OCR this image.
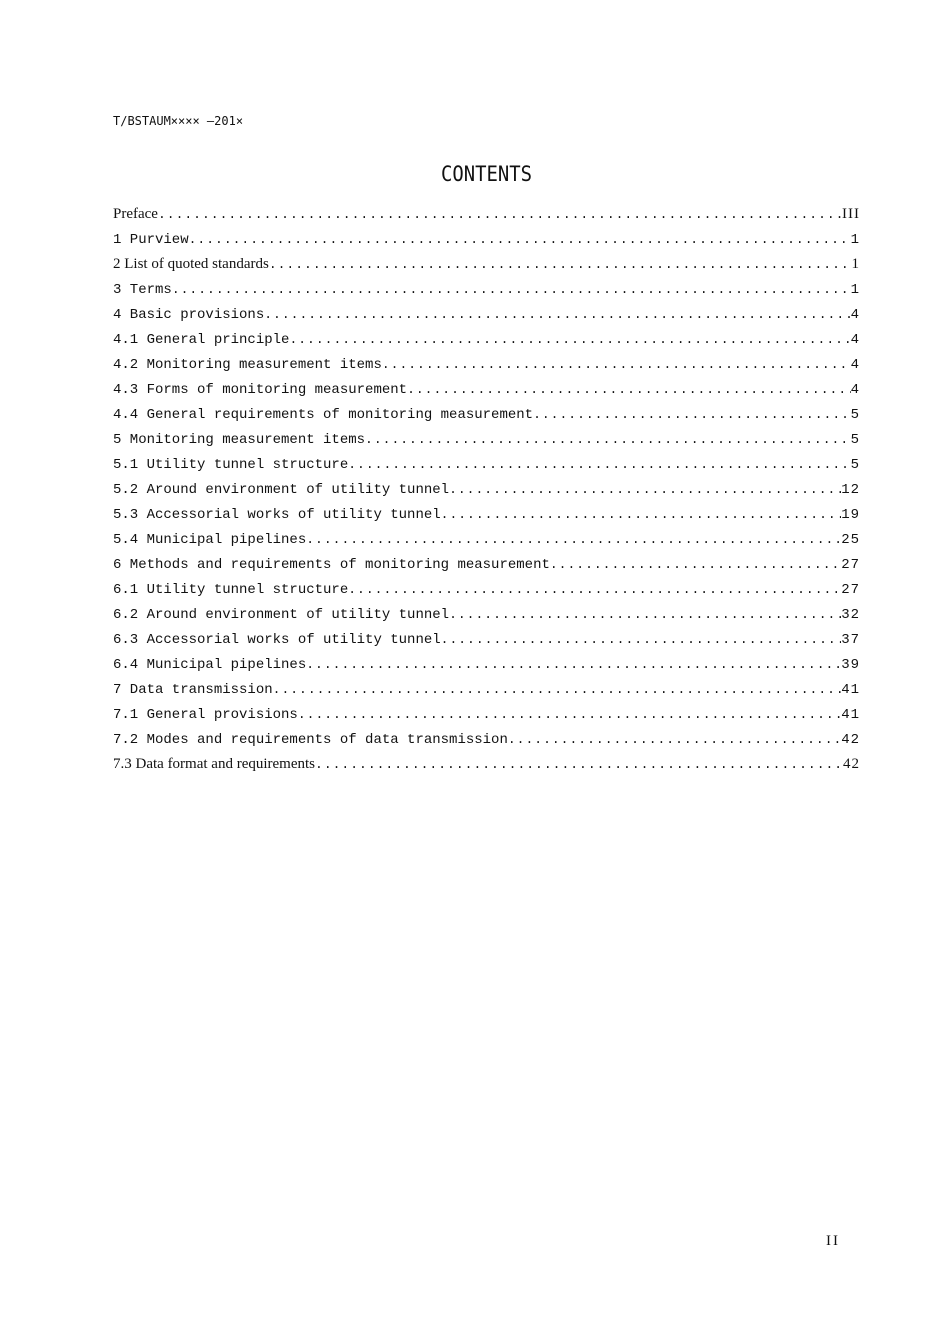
T/BSTAUM×××× —201×
CONTENTS
Preface .....	III
1 Purview .....	1
2 List of quoted standards .....	1
3 Terms .....	1
4 Basic provisions .....	4
4.1 General principle .....	4
4.2 Monitoring measurement items .....	4
4.3 Forms of monitoring measurement .....	4
4.4 General requirements of monitoring measurement .....	5
5 Monitoring measurement items .....	5
5.1 Utility tunnel structure .....	5
5.2 Around environment of utility tunnel .....	12
5.3 Accessorial works of utility tunnel .....	19
5.4 Municipal pipelines .....	25
6 Methods and requirements of monitoring measurement .....	27
6.1 Utility tunnel structure .....	27
6.2 Around environment of utility tunnel .....	32
6.3 Accessorial works of utility tunnel .....	37
6.4 Municipal pipelines .....	39
7 Data transmission .....	41
7.1 General provisions .....	41
7.2 Modes and requirements of data transmission .....	42
7.3 Data format and requirements .....	42
II
